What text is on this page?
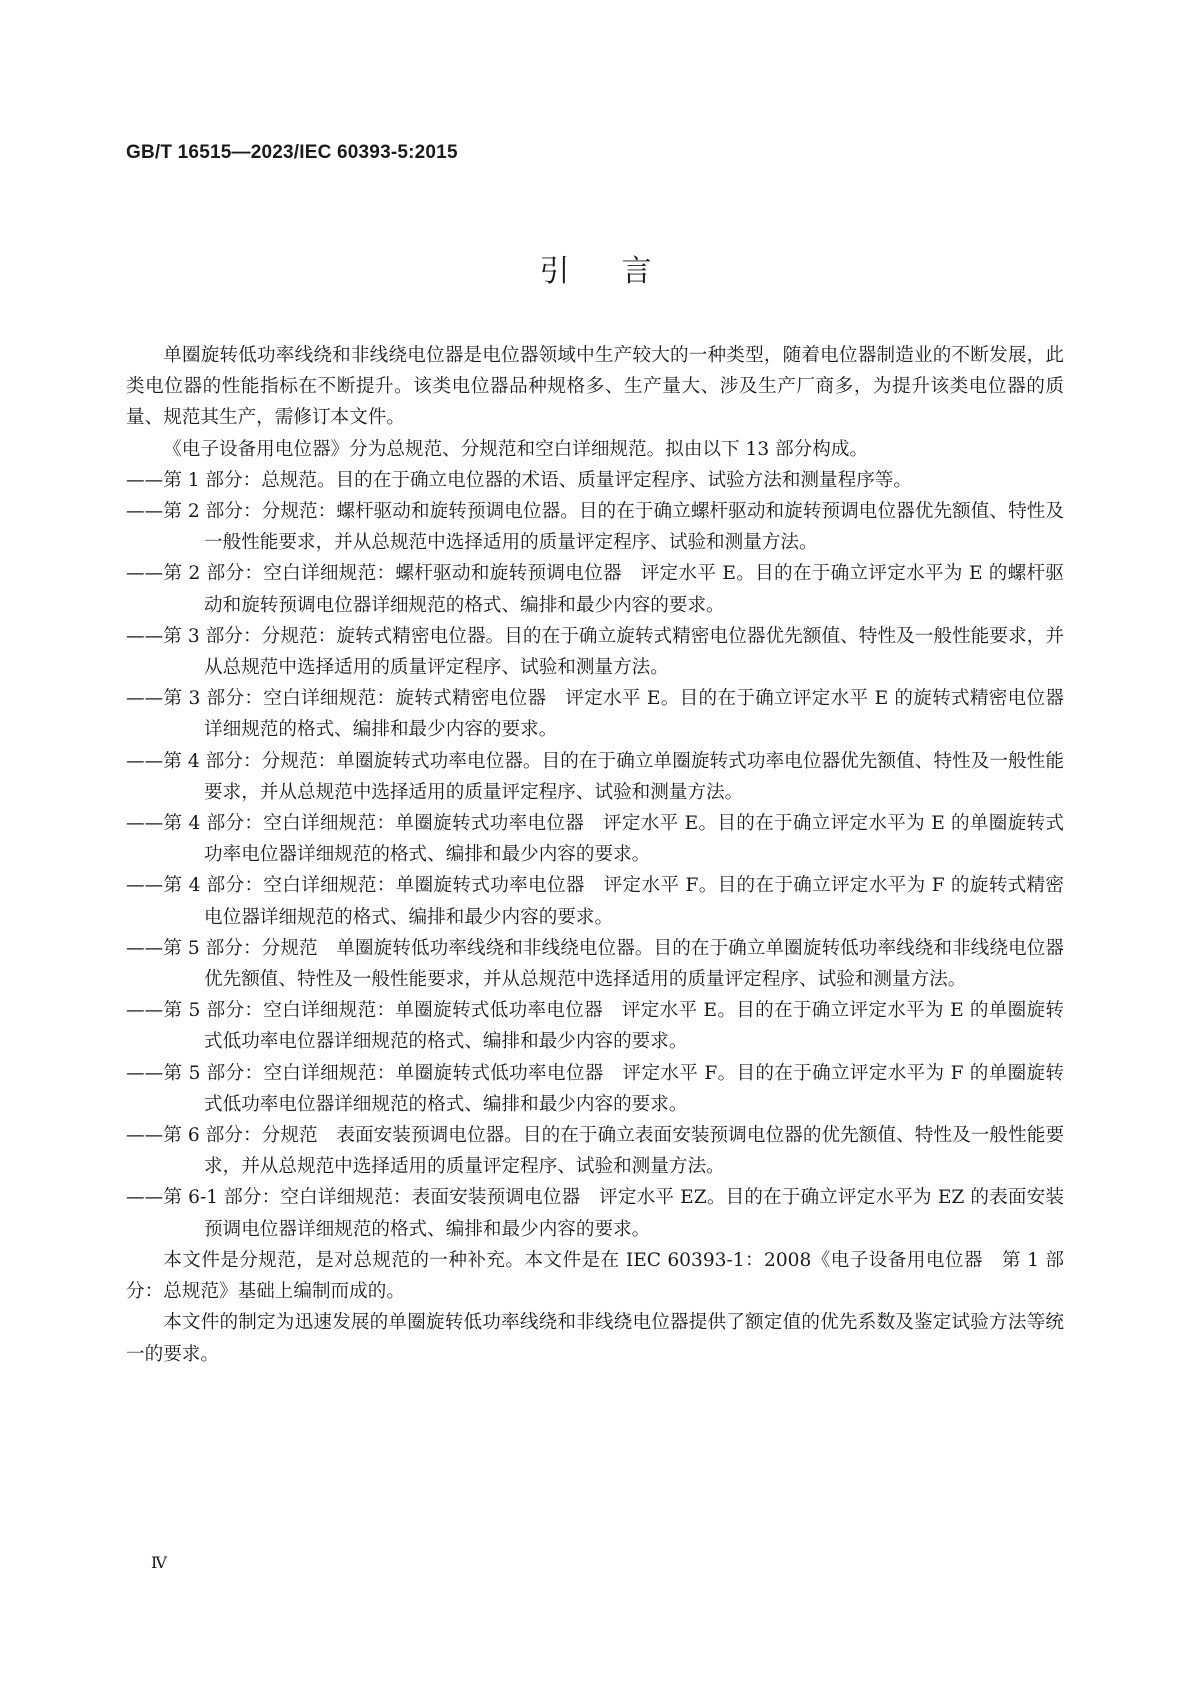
GB/T 16515—2023/IEC 60393-5:2015
引言

单圈旋转低功率线绕和非线绕电位器是电位器领域中生产较大的一种类型，随着电位器制造业的不断发展，此类电位器的性能指标在不断提升。该类电位器品种规格多、生产量大、涉及生产厂商多，为提升该类电位器的质量、规范其生产，需修订本文件。

《电子设备用电位器》分为总规范、分规范和空白详细规范。拟由以下 13 部分构成。

——第 1 部分：总规范。目的在于确立电位器的术语、质量评定程序、试验方法和测量程序等。

——第 2 部分：分规范：螺杆驱动和旋转预调电位器。目的在于确立螺杆驱动和旋转预调电位器优先额值、特性及一般性能要求，并从总规范中选择适用的质量评定程序、试验和测量方法。

——第 2 部分：空白详细规范：螺杆驱动和旋转预调电位器　评定水平 E。目的在于确立评定水平为 E 的螺杆驱动和旋转预调电位器详细规范的格式、编排和最少内容的要求。

——第 3 部分：分规范：旋转式精密电位器。目的在于确立旋转式精密电位器优先额值、特性及一般性能要求，并从总规范中选择适用的质量评定程序、试验和测量方法。

——第 3 部分：空白详细规范：旋转式精密电位器　评定水平 E。目的在于确立评定水平 E 的旋转式精密电位器详细规范的格式、编排和最少内容的要求。

——第 4 部分：分规范：单圈旋转式功率电位器。目的在于确立单圈旋转式功率电位器优先额值、特性及一般性能要求，并从总规范中选择适用的质量评定程序、试验和测量方法。

——第 4 部分：空白详细规范：单圈旋转式功率电位器　评定水平 E。目的在于确立评定水平为 E 的单圈旋转式功率电位器详细规范的格式、编排和最少内容的要求。

——第 4 部分：空白详细规范：单圈旋转式功率电位器　评定水平 F。目的在于确立评定水平为 F 的旋转式精密电位器详细规范的格式、编排和最少内容的要求。

——第 5 部分：分规范　单圈旋转低功率线绕和非线绕电位器。目的在于确立单圈旋转低功率线绕和非线绕电位器优先额值、特性及一般性能要求，并从总规范中选择适用的质量评定程序、试验和测量方法。

——第 5 部分：空白详细规范：单圈旋转式低功率电位器　评定水平 E。目的在于确立评定水平为 E 的单圈旋转式低功率电位器详细规范的格式、编排和最少内容的要求。

——第 5 部分：空白详细规范：单圈旋转式低功率电位器　评定水平 F。目的在于确立评定水平为 F 的单圈旋转式低功率电位器详细规范的格式、编排和最少内容的要求。

——第 6 部分：分规范　表面安装预调电位器。目的在于确立表面安装预调电位器的优先额值、特性及一般性能要求，并从总规范中选择适用的质量评定程序、试验和测量方法。

——第 6-1 部分：空白详细规范：表面安装预调电位器　评定水平 EZ。目的在于确立评定水平为 EZ 的表面安装预调电位器详细规范的格式、编排和最少内容的要求。

本文件是分规范，是对总规范的一种补充。本文件是在 IEC 60393-1：2008《电子设备用电位器　第 1 部分：总规范》基础上编制而成的。

本文件的制定为迅速发展的单圈旋转低功率线绕和非线绕电位器提供了额定值的优先系数及鉴定试验方法等统一的要求。

Ⅳ
